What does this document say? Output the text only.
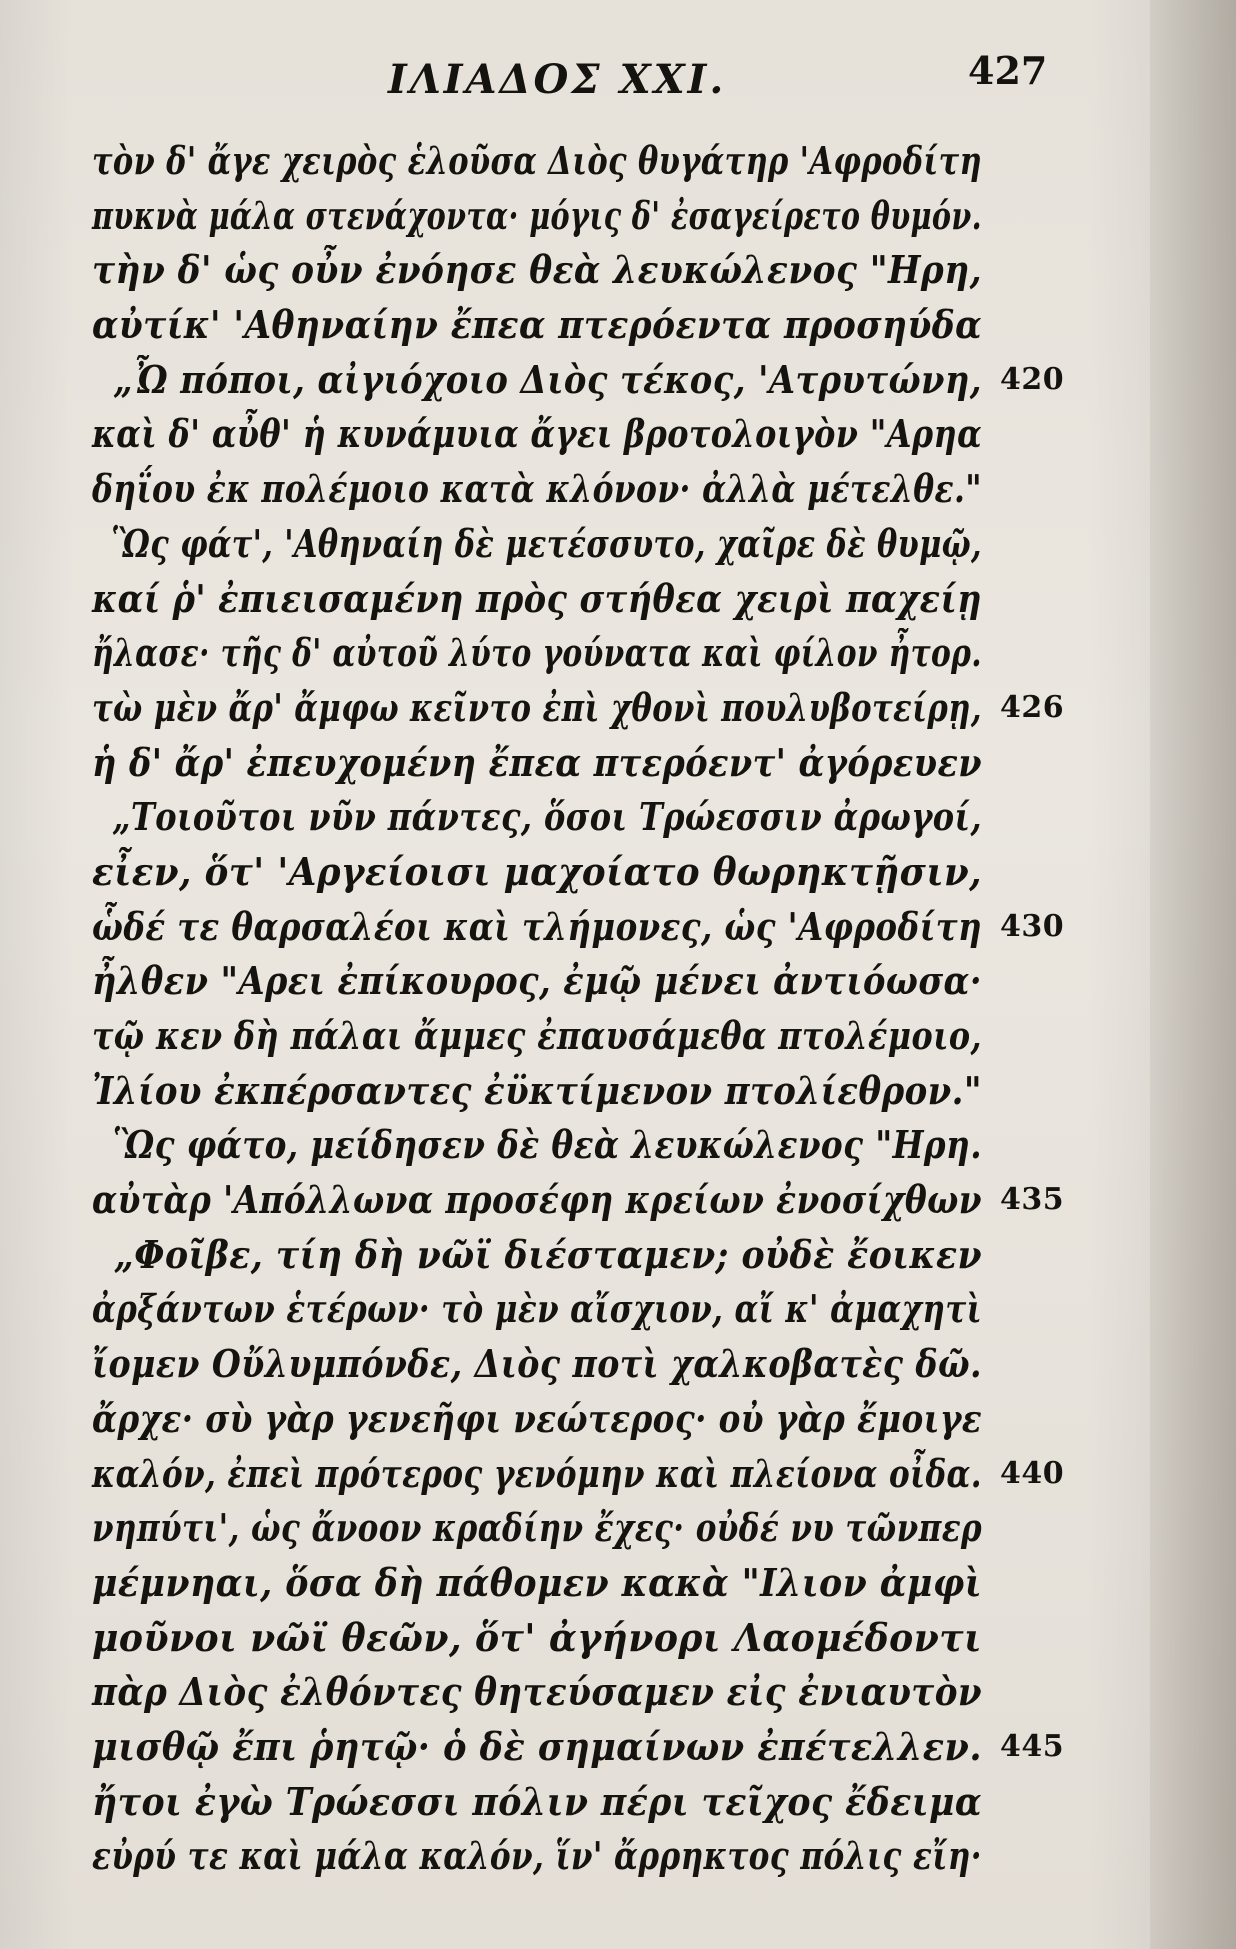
ΙΛΙΑΔΟΣ XXI.	427
τὸν δ' ἄγε χειρὸς ἑλοῦσα Διὸς θυγάτηρ 'Αφροδίτη
πυκνὰ μάλα στενάχοντα· μόγις δ' ἐσαγείρετο θυμόν.
τὴν δ' ὡς οὖν ἐνόησε θεὰ λευκώλενος "Ηρη,
αὐτίκ' 'Αθηναίην ἔπεα πτερόεντα προσηύδα
„Ὦ πόποι, αἰγιόχοιο Διὸς τέκος, 'Ατρυτώνη, 420
καὶ δ' αὖθ' ἡ κυνάμυια ἄγει βροτολοιγὸν "Αρηα
δηΐου ἐκ πολέμοιο κατὰ κλόνον· ἀλλὰ μέτελθε."
Ὣς φάτ', 'Αθηναίη δὲ μετέσσυτο, χαῖρε δὲ θυμῷ,
καί ῥ' ἐπιεισαμένη πρὸς στήθεα χειρὶ παχείῃ
ἤλασε· τῆς δ' αὐτοῦ λύτο γούνατα καὶ φίλον ἦτορ.
τὼ μὲν ἄρ' ἄμφω κεῖντο ἐπὶ χθονὶ πουλυβοτείρῃ, 426
ἡ δ' ἄρ' ἐπευχομένη ἔπεα πτερόεντ' ἀγόρευεν
„Τοιοῦτοι νῦν πάντες, ὅσοι Τρώεσσιν ἀρωγοί,
εἶεν, ὅτ' 'Αργείοισι μαχοίατο θωρηκτῇσιν,
ὧδέ τε θαρσαλέοι καὶ τλήμονες, ὡς 'Αφροδίτη 430
ἦλθεν "Αρει ἐπίκουρος, ἐμῷ μένει ἀντιόωσα·
τῷ κεν δὴ πάλαι ἄμμες ἐπαυσάμεθα πτολέμοιο,
Ἰλίου ἐκπέρσαντες ἐϋκτίμενον πτολίεθρον."
Ὣς φάτο, μείδησεν δὲ θεὰ λευκώλενος "Ηρη.
αὐτὰρ 'Απόλλωνα προσέφη κρείων ἐνοσίχθων 435
„Φοῖβε, τίη δὴ νῶϊ διέσταμεν; οὐδὲ ἔοικεν
ἀρξάντων ἑτέρων· τὸ μὲν αἴσχιον, αἴ κ' ἀμαχητὶ
ἴομεν Οὔλυμπόνδε, Διὸς ποτὶ χαλκοβατὲς δῶ.
ἄρχε· σὺ γὰρ γενεῆφι νεώτερος· οὐ γὰρ ἔμοιγε
καλόν, ἐπεὶ πρότερος γενόμην καὶ πλείονα οἶδα. 440
νηπύτι', ὡς ἄνοον κραδίην ἔχες· οὐδέ νυ τῶνπερ
μέμνηαι, ὅσα δὴ πάθομεν κακὰ "Ιλιον ἀμφὶ
μοῦνοι νῶϊ θεῶν, ὅτ' ἀγήνορι Λαομέδοντι
πὰρ Διὸς ἐλθόντες θητεύσαμεν εἰς ἐνιαυτὸν
μισθῷ ἔπι ῥητῷ· ὁ δὲ σημαίνων ἐπέτελλεν. 445
ἤτοι ἐγὼ Τρώεσσι πόλιν πέρι τεῖχος ἔδειμα
εὐρύ τε καὶ μάλα καλόν, ἵν' ἄρρηκτος πόλις εἴη·
